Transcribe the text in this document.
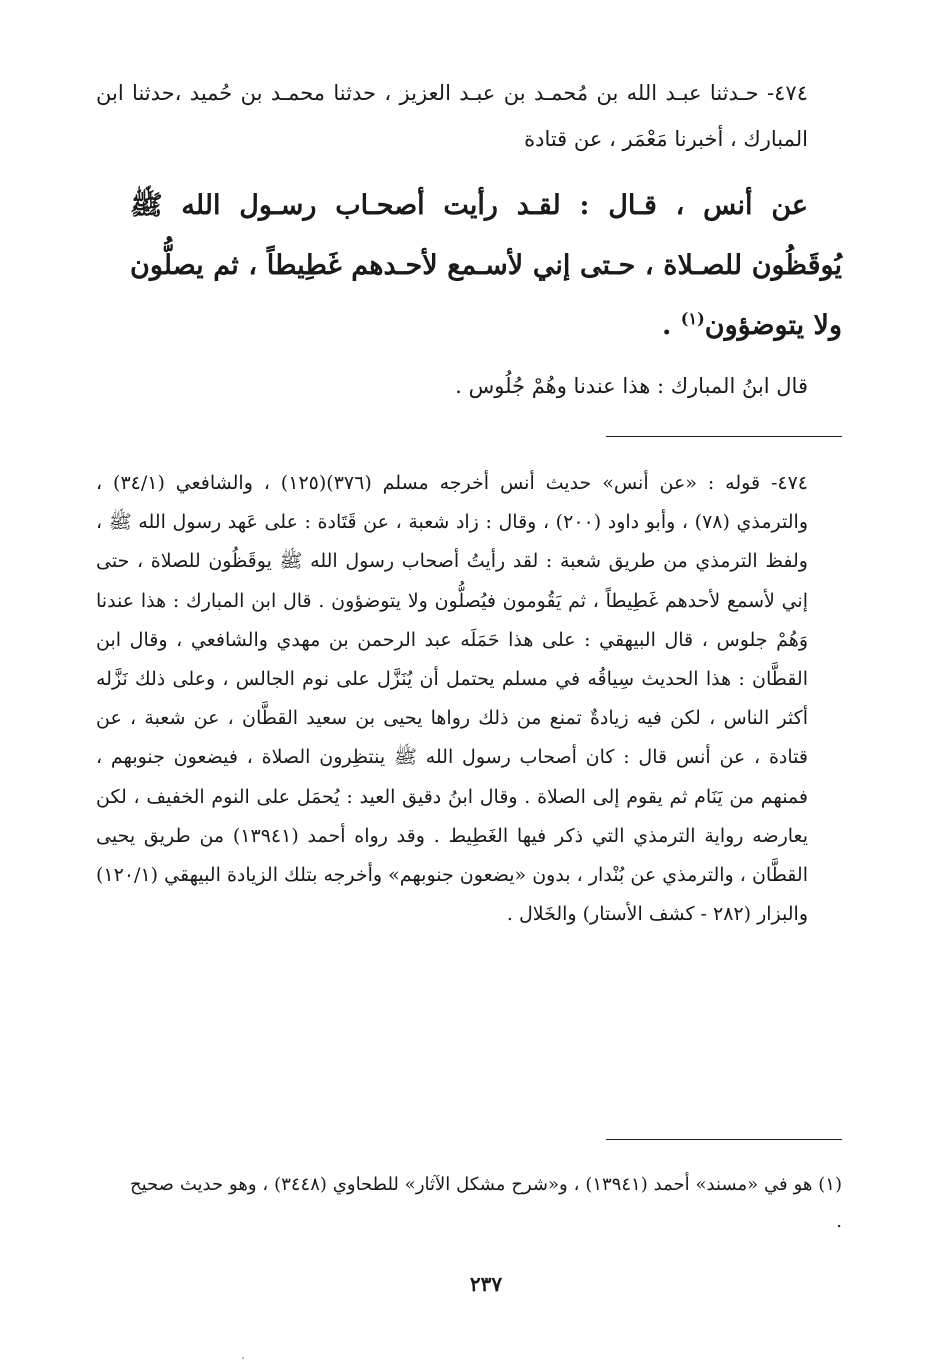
٤٧٤- حـدثنا عبـد الله بن مُحمـد بن عبـد العزيز ، حدثنا محمـد بن حُميد ،حدثنا ابن المبارك ، أخبرنا مَعْمَر ، عن قتادة

عن أنس ، قـال : لقـد رأيت أصحـاب رسـول الله ﷺ يُوقَظُون للصـلاة ، حـتى إني لأسـمع لأحـدهم غَطِيطاً ، ثم يصلُّون ولا يتوضؤون$^{(١)}$ .

قال ابنُ المبارك : هذا عندنا وهُمْ جُلُوس .

٤٧٤- قوله : «عن أنس» حديث أنس أخرجه مسلم (٣٧٦)(١٢٥) ، والشافعي (٣٤/١) ، والترمذي (٧٨) ، وأبو داود (٢٠٠) ، وقال : زاد شعبة ، عن قَتَادة : على عَهد رسول الله ﷺ ، ولفظ الترمذي من طريق شعبة : لقد رأيتُ أصحاب رسول الله ﷺ يوقَظُون للصلاة ، حتى إني لأسمع لأحدهم غَطِيطاً ، ثم يَقُومون فيُصلُّون ولا يتوضؤون . قال ابن المبارك : هذا عندنا وَهُمْ جلوس ، قال البيهقي : على هذا حَمَلَه عبد الرحمن بن مهدي والشافعي ، وقال ابن القطَّان : هذا الحديث سِياقُه في مسلم يحتمل أن يُنَزَّل على نوم الجالس ، وعلى ذلك نَزَّله أكثر الناس ، لكن فيه زيادةٌ تمنع من ذلك رواها يحيى بن سعيد القطَّان ، عن شعبة ، عن قتادة ، عن أنس قال : كان أصحاب رسول الله ﷺ ينتظِرون الصلاة ، فيضعون جنوبهم ، فمنهم من يَنَام ثم يقوم إلى الصلاة . وقال ابنُ دقيق العيد : يُحمَل على النوم الخفيف ، لكن يعارضه رواية الترمذي التي ذكر فيها الغَطِيط . وقد رواه أحمد (١٣٩٤١) من طريق يحيى القطَّان ، والترمذي عن بُنْدار ، بدون «يضعون جنوبهم» وأخرجه بتلك الزيادة البيهقي (١٢٠/١) والبزار (٢٨٢ - كشف الأستار) والخَلال .

(١) هو في «مسند» أحمد (١٣٩٤١) ، و«شرح مشكل الآثار» للطحاوي (٣٤٤٨) ، وهو حديث صحيح .

٢٣٧
